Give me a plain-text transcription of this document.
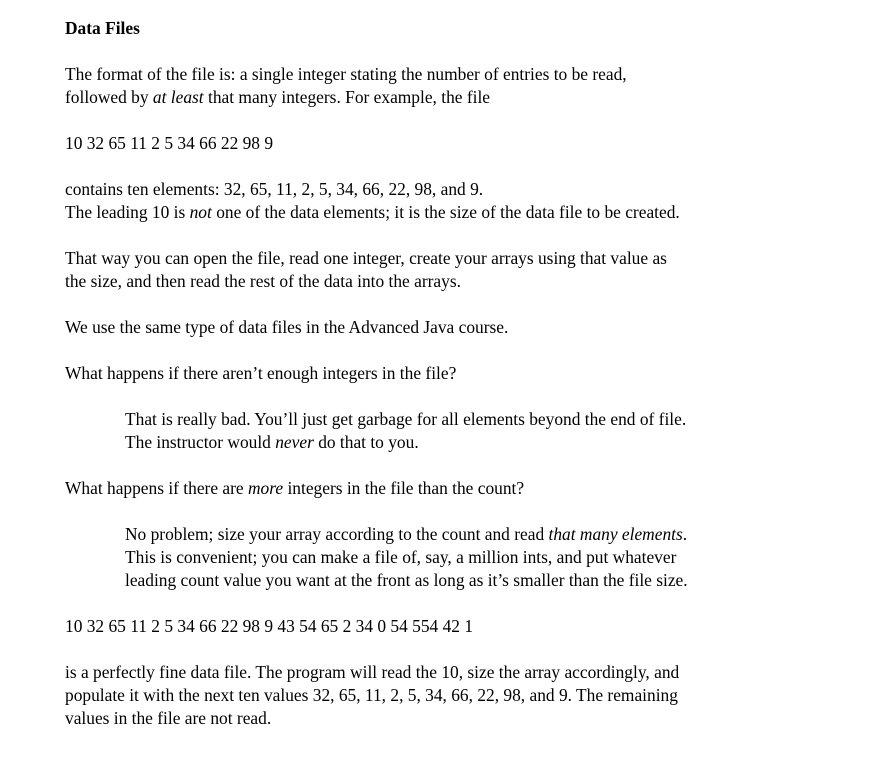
Data Files
The format of the file is: a single integer stating the number of entries to be read,
followed by at least that many integers. For example, the file
10 32 65 11 2 5 34 66 22 98 9
contains ten elements: 32, 65, 11, 2, 5, 34, 66, 22, 98, and 9.
The leading 10 is not one of the data elements; it is the size of the data file to be created.
That way you can open the file, read one integer, create your arrays using that value as
the size, and then read the rest of the data into the arrays.
We use the same type of data files in the Advanced Java course.
What happens if there aren’t enough integers in the file?
That is really bad. You’ll just get garbage for all elements beyond the end of file.
The instructor would never do that to you.
What happens if there are more integers in the file than the count?
No problem; size your array according to the count and read that many elements.
This is convenient; you can make a file of, say, a million ints, and put whatever
leading count value you want at the front as long as it’s smaller than the file size.
10 32 65 11 2 5 34 66 22 98 9 43 54 65 2 34 0 54 554 42 1
is a perfectly fine data file. The program will read the 10, size the array accordingly, and
populate it with the next ten values 32, 65, 11, 2, 5, 34, 66, 22, 98, and 9. The remaining
values in the file are not read.
